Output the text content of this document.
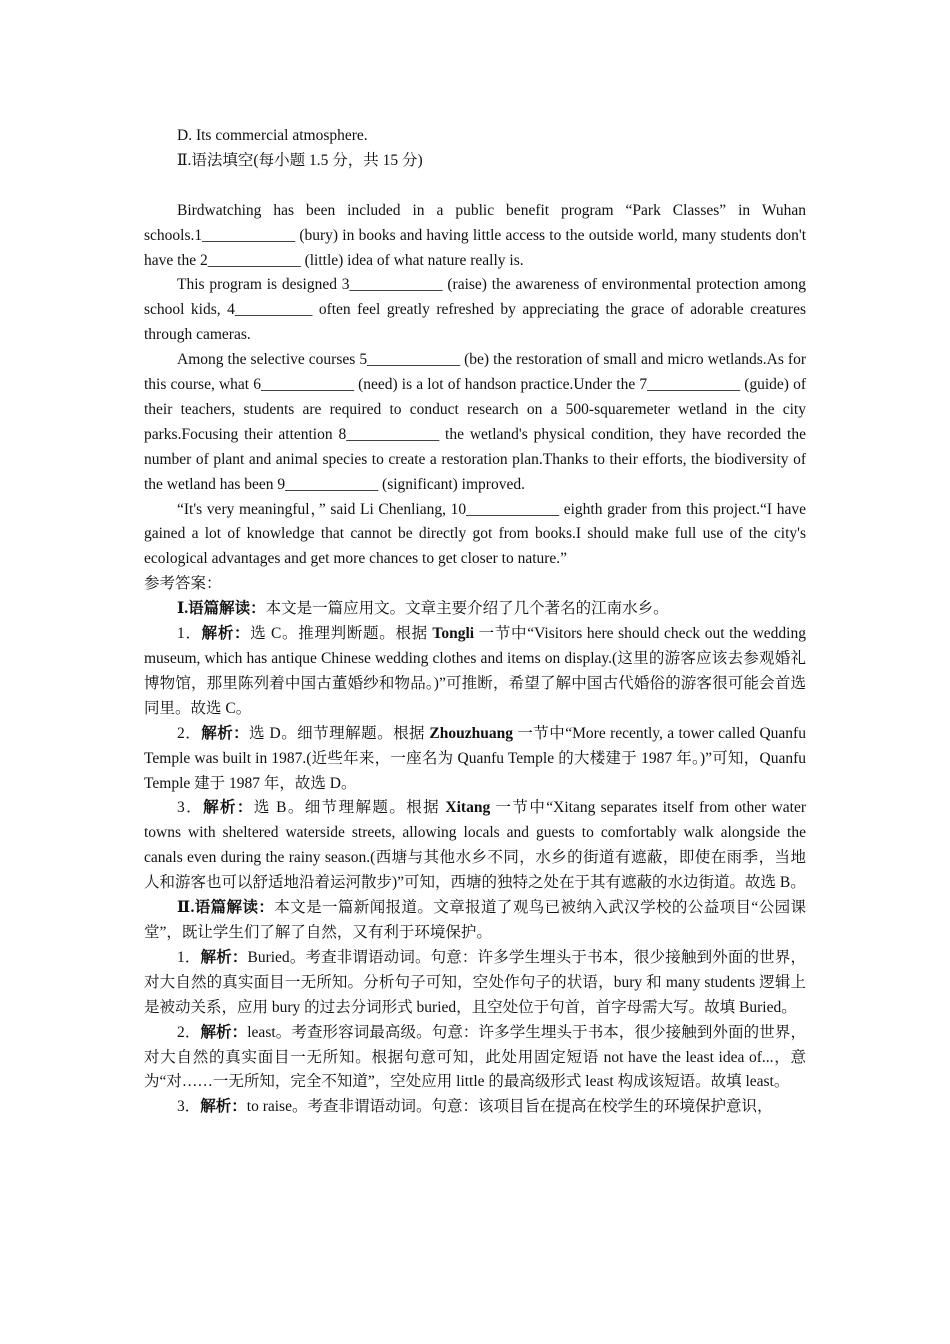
D. Its commercial atmosphere.

Ⅱ.语法填空(每小题 1.5 分，共 15 分)

Birdwatching has been included in a public benefit program “Park Classes” in Wuhan schools.1____________ (bury) in books and having little access to the outside world, many students don't have the 2____________ (little) idea of what nature really is.

This program is designed 3____________ (raise) the awareness of environmental protection among school kids, 4__________ often feel greatly refreshed by appreciating the grace of adorable creatures through cameras.

Among the selective courses 5____________ (be) the restoration of small and micro wetlands.As for this course, what 6____________ (need) is a lot of handson practice.Under the 7____________ (guide) of their teachers, students are required to conduct research on a 500-squaremeter wetland in the city parks.Focusing their attention 8____________ the wetland's physical condition, they have recorded the number of plant and animal species to create a restoration plan.Thanks to their efforts, the biodiversity of the wetland has been 9____________ (significant) improved.

“It's very meaningful，” said Li Chenliang, 10____________ eighth grader from this project.“I have gained a lot of knowledge that cannot be directly got from books.I should make full use of the city's ecological advantages and get more chances to get closer to nature.”

参考答案：

Ⅰ.语篇解读：本文是一篇应用文。文章主要介绍了几个著名的江南水乡。

1．解析：选 C。推理判断题。根据 Tongli 一节中“Visitors here should check out the wedding museum, which has antique Chinese wedding clothes and items on display.(这里的游客应该去参观婚礼博物馆，那里陈列着中国古董婚纱和物品。)”可推断，希望了解中国古代婚俗的游客很可能会首选同里。故选 C。

2．解析：选 D。细节理解题。根据 Zhouzhuang 一节中“More recently, a tower called Quanfu Temple was built in 1987.(近些年来，一座名为 Quanfu Temple 的大楼建于 1987 年。)”可知，Quanfu Temple 建于 1987 年，故选 D。

3．解析：选 B。细节理解题。根据 Xitang 一节中“Xitang separates itself from other water towns with sheltered waterside streets, allowing locals and guests to comfortably walk alongside the canals even during the rainy season.(西塘与其他水乡不同，水乡的街道有遮蔽，即使在雨季，当地人和游客也可以舒适地沿着运河散步)”可知，西塘的独特之处在于其有遮蔽的水边街道。故选 B。

Ⅱ.语篇解读：本文是一篇新闻报道。文章报道了观鸟已被纳入武汉学校的公益项目“公园课堂”，既让学生们了解了自然，又有利于环境保护。

1．解析：Buried。考查非谓语动词。句意：许多学生埋头于书本，很少接触到外面的世界，对大自然的真实面目一无所知。分析句子可知，空处作句子的状语，bury 和 many students 逻辑上是被动关系，应用 bury 的过去分词形式 buried，且空处位于句首，首字母需大写。故填 Buried。

2．解析：least。考查形容词最高级。句意：许多学生埋头于书本，很少接触到外面的世界，对大自然的真实面目一无所知。根据句意可知，此处用固定短语 not have the least idea of...，意为“对……一无所知，完全不知道”，空处应用 little 的最高级形式 least 构成该短语。故填 least。

3．解析：to raise。考查非谓语动词。句意：该项目旨在提高在校学生的环境保护意识，
